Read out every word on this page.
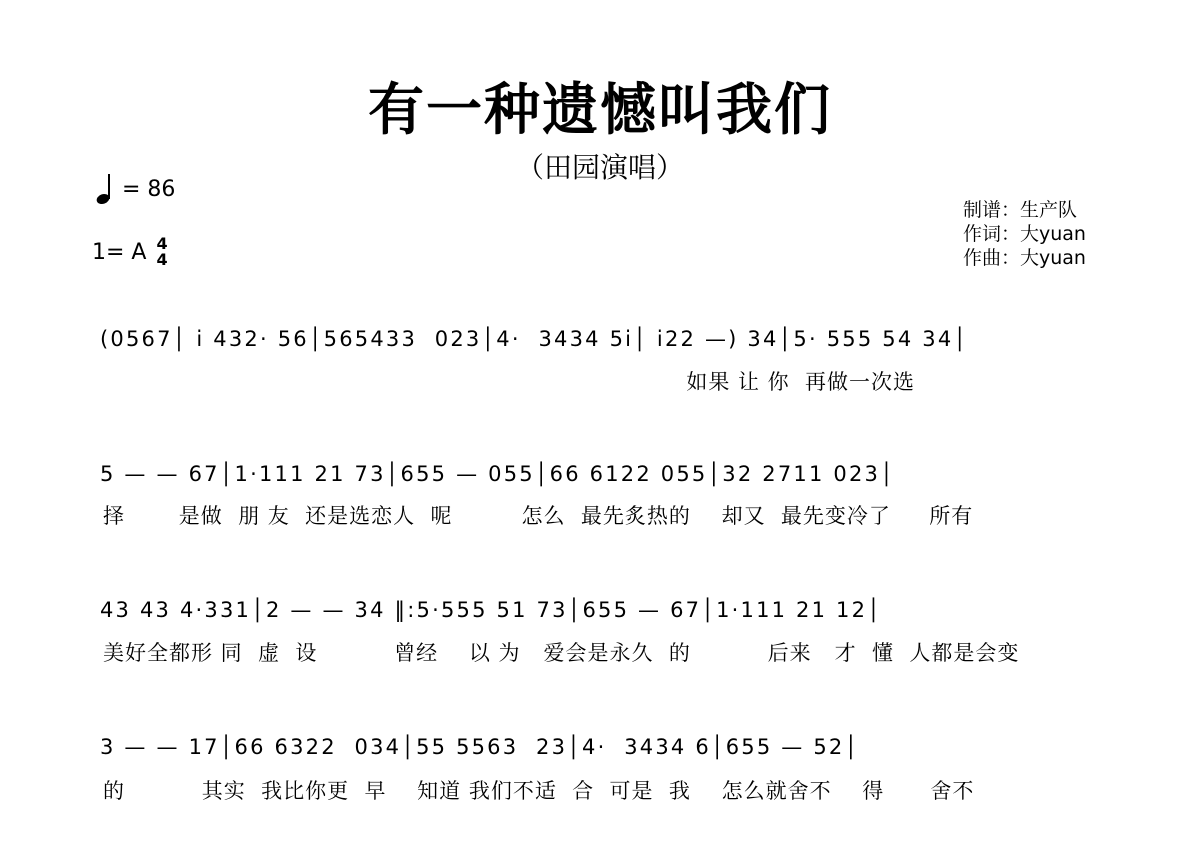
有一种遗憾叫我们
（田园演唱）
= 86
1= A 4
4
制谱：生产队
作词：大yuan
作曲：大yuan
(0567│ i 432· 56│565433  023│4·  3434 5i│ i22 —) 34│5· 555 54 34│
如果 让 你  再做一次选
5 — — 67│1·111 21 73│655 — 055│66 6122 055│32 2711 023│
择       是做  朋 友  还是选恋人  呢         怎么  最先炙热的    却又  最先变冷了     所有
43 43 4·331│2 — — 34 ‖:5·555 51 73│655 — 67│1·111 21 12│
美好全都形 同  虚  设          曾经    以 为   爱会是永久  的          后来   才  懂  人都是会变
3 — — 17│66 6322  034│55 5563  23│4·  3434 6│655 — 52│
的          其实  我比你更  早    知道 我们不适  合  可是  我    怎么就舍不    得      舍不
